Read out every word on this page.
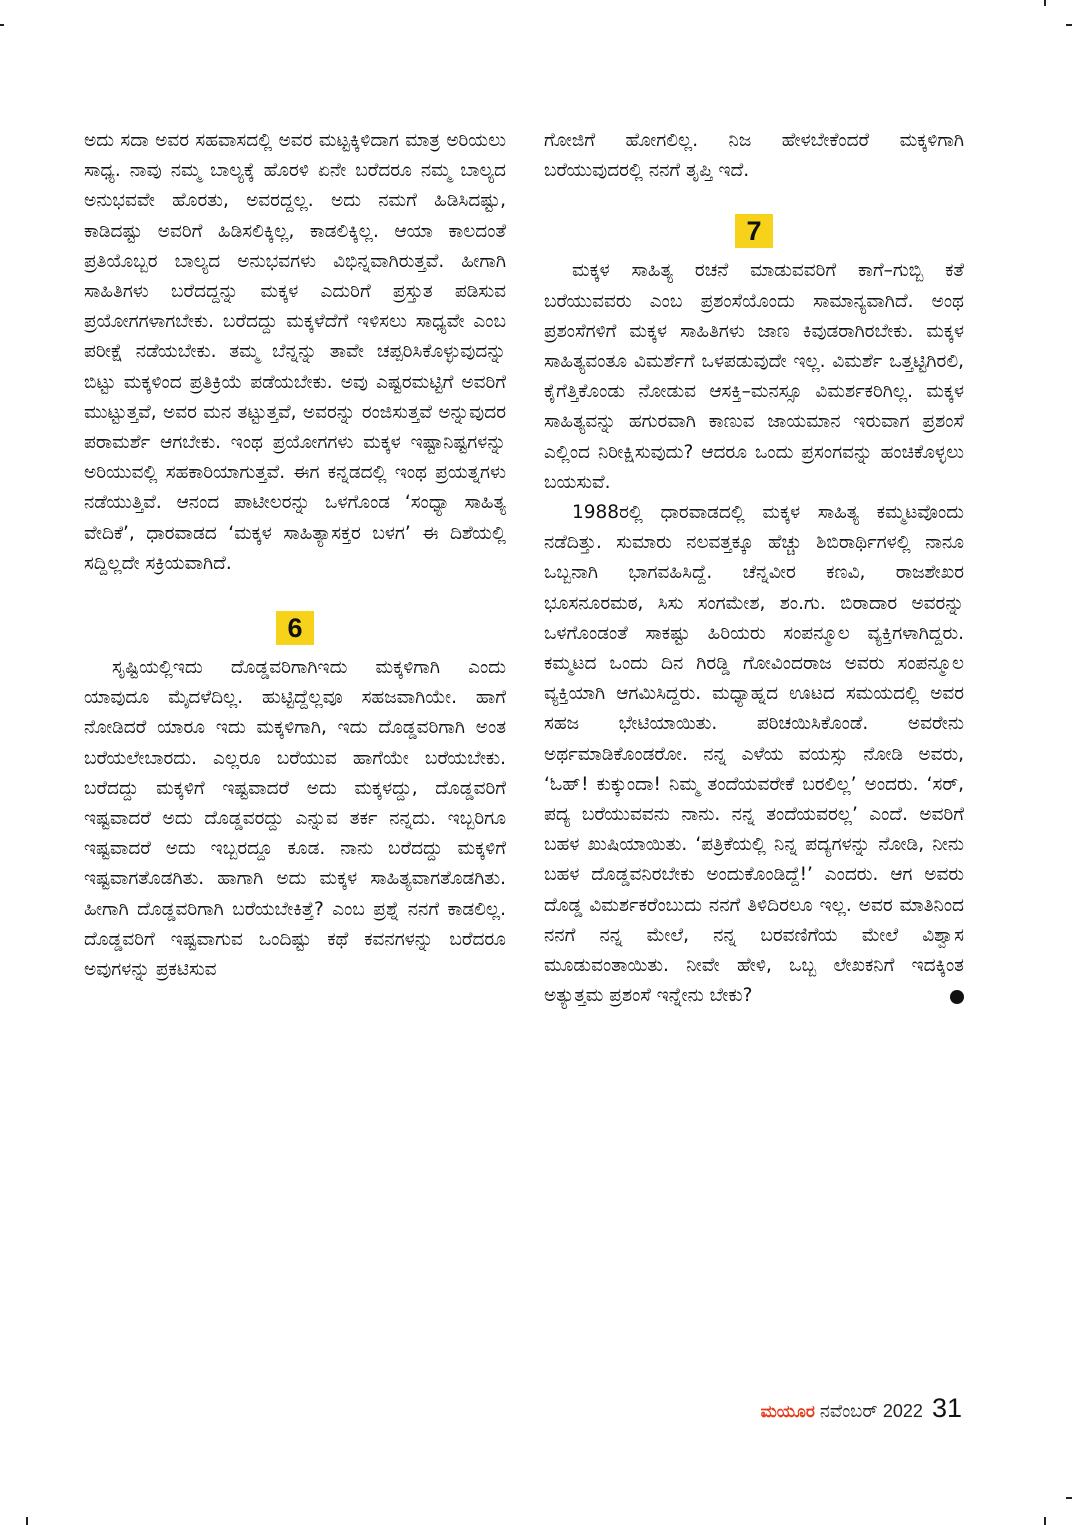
ಅದು ಸದಾ ಅವರ ಸಹವಾಸದಲ್ಲಿ ಅವರ ಮಟ್ಟಕ್ಕಿಳಿದಾಗ ಮಾತ್ರ ಅರಿಯಲು ಸಾಧ್ಯ. ನಾವು ನಮ್ಮ ಬಾಲ್ಯಕ್ಕೆ ಹೊರಳಿ ಏನೇ ಬರೆದರೂ ನಮ್ಮ ಬಾಲ್ಯದ ಅನುಭವವೇ ಹೊರತು, ಅವರದ್ದಲ್ಲ. ಅದು ನಮಗೆ ಹಿಡಿಸಿದಷ್ಟು, ಕಾಡಿದಷ್ಟು ಅವರಿಗೆ ಹಿಡಿಸಲಿಕ್ಕಿಲ್ಲ, ಕಾಡಲಿಕ್ಕಿಲ್ಲ. ಆಯಾ ಕಾಲದಂತೆ ಪ್ರತಿಯೊಬ್ಬರ ಬಾಲ್ಯದ ಅನುಭವಗಳು ವಿಭಿನ್ನವಾಗಿರುತ್ತವೆ. ಹೀಗಾಗಿ ಸಾಹಿತಿಗಳು ಬರೆದದ್ದನ್ನು ಮಕ್ಕಳ ಎದುರಿಗೆ ಪ್ರಸ್ತುತ ಪಡಿಸುವ ಪ್ರಯೋಗಗಳಾಗಬೇಕು. ಬರೆದದ್ದು ಮಕ್ಕಳೆದೆಗೆ ಇಳಿಸಲು ಸಾಧ್ಯವೇ ಎಂಬ ಪರೀಕ್ಷೆ ನಡೆಯಬೇಕು. ತಮ್ಮ ಬೆನ್ನನ್ನು ತಾವೇ ಚಪ್ಪರಿಸಿಕೊಳ್ಳುವುದನ್ನು ಬಿಟ್ಟು ಮಕ್ಕಳಿಂದ ಪ್ರತಿಕ್ರಿಯೆ ಪಡೆಯಬೇಕು. ಅವು ಎಷ್ಟರಮಟ್ಟಿಗೆ ಅವರಿಗೆ ಮುಟ್ಟುತ್ತವೆ, ಅವರ ಮನ ತಟ್ಟುತ್ತವೆ, ಅವರನ್ನು ರಂಜಿಸುತ್ತವೆ ಅನ್ನುವುದರ ಪರಾಮರ್ಶೆ ಆಗಬೇಕು. ಇಂಥ ಪ್ರಯೋಗಗಳು ಮಕ್ಕಳ ಇಷ್ಟಾನಿಷ್ಟಗಳನ್ನು ಅರಿಯುವಲ್ಲಿ ಸಹಕಾರಿಯಾಗುತ್ತವೆ. ಈಗ ಕನ್ನಡದಲ್ಲಿ ಇಂಥ ಪ್ರಯತ್ನಗಳು ನಡೆಯುತ್ತಿವೆ. ಆನಂದ ಪಾಟೀಲರನ್ನು ಒಳಗೊಂಡ ‘ಸಂಧ್ಯಾ ಸಾಹಿತ್ಯ ವೇದಿಕೆ’, ಧಾರವಾಡದ ‘ಮಕ್ಕಳ ಸಾಹಿತ್ಯಾಸಕ್ತರ ಬಳಗ’ ಈ ದಿಶೆಯಲ್ಲಿ ಸದ್ದಿಲ್ಲದೇ ಸಕ್ರಿಯವಾಗಿದೆ.

6

ಸೃಷ್ಟಿಯಲ್ಲಿಇದು ದೊಡ್ಡವರಿಗಾಗಿಇದು ಮಕ್ಕಳಿಗಾಗಿ ಎಂದು ಯಾವುದೂ ಮೈದಳೆದಿಲ್ಲ. ಹುಟ್ಟಿದ್ದೆಲ್ಲವೂ ಸಹಜವಾಗಿಯೇ. ಹಾಗೆ ನೋಡಿದರೆ ಯಾರೂ ಇದು ಮಕ್ಕಳಿಗಾಗಿ, ಇದು ದೊಡ್ಡವರಿಗಾಗಿ ಅಂತ ಬರೆಯಲೇಬಾರದು. ಎಲ್ಲರೂ ಬರೆಯುವ ಹಾಗೆಯೇ ಬರೆಯಬೇಕು. ಬರೆದದ್ದು ಮಕ್ಕಳಿಗೆ ಇಷ್ಟವಾದರೆ ಅದು ಮಕ್ಕಳದ್ದು, ದೊಡ್ಡವರಿಗೆ ಇಷ್ಟವಾದರೆ ಅದು ದೊಡ್ಡವರದ್ದು ಎನ್ನುವ ತರ್ಕ ನನ್ನದು. ಇಬ್ಬರಿಗೂ ಇಷ್ಟವಾದರೆ ಅದು ಇಬ್ಬರದ್ದೂ ಕೂಡ. ನಾನು ಬರೆದದ್ದು ಮಕ್ಕಳಿಗೆ ಇಷ್ಟವಾಗತೊಡಗಿತು. ಹಾಗಾಗಿ ಅದು ಮಕ್ಕಳ ಸಾಹಿತ್ಯವಾಗತೊಡಗಿತು. ಹೀಗಾಗಿ ದೊಡ್ಡವರಿಗಾಗಿ ಬರೆಯಬೇಕಿತ್ತೆ? ಎಂಬ ಪ್ರಶ್ನೆ ನನಗೆ ಕಾಡಲಿಲ್ಲ. ದೊಡ್ಡವರಿಗೆ ಇಷ್ಟವಾಗುವ ಒಂದಿಷ್ಟು ಕಥೆ ಕವನಗಳನ್ನು ಬರೆದರೂ ಅವುಗಳನ್ನು ಪ್ರಕಟಿಸುವ

ಗೋಜಿಗೆ ಹೋಗಲಿಲ್ಲ. ನಿಜ ಹೇಳಬೇಕೆಂದರೆ ಮಕ್ಕಳಿಗಾಗಿ ಬರೆಯುವುದರಲ್ಲಿ ನನಗೆ ತೃಪ್ತಿ ಇದೆ.

7

ಮಕ್ಕಳ ಸಾಹಿತ್ಯ ರಚನೆ ಮಾಡುವವರಿಗೆ ಕಾಗೆ–ಗುಬ್ಬಿ ಕತೆ ಬರೆಯುವವರು ಎಂಬ ಪ್ರಶಂಸೆಯೊಂದು ಸಾಮಾನ್ಯವಾಗಿದೆ. ಅಂಥ ಪ್ರಶಂಸೆಗಳಿಗೆ ಮಕ್ಕಳ ಸಾಹಿತಿಗಳು ಜಾಣ ಕಿವುಡರಾಗಿರಬೇಕು. ಮಕ್ಕಳ ಸಾಹಿತ್ಯವಂತೂ ವಿಮರ್ಶೆಗೆ ಒಳಪಡುವುದೇ ಇಲ್ಲ. ವಿಮರ್ಶೆ ಒತ್ತಟ್ಟಿಗಿರಲಿ, ಕೈಗೆತ್ತಿಕೊಂಡು ನೋಡುವ ಆಸಕ್ತಿ–ಮನಸ್ಸೂ ವಿಮರ್ಶಕರಿಗಿಲ್ಲ. ಮಕ್ಕಳ ಸಾಹಿತ್ಯವನ್ನು ಹಗುರವಾಗಿ ಕಾಣುವ ಜಾಯಮಾನ ಇರುವಾಗ ಪ್ರಶಂಸೆ ಎಲ್ಲಿಂದ ನಿರೀಕ್ಷಿಸುವುದು? ಆದರೂ ಒಂದು ಪ್ರಸಂಗವನ್ನು ಹಂಚಿಕೊಳ್ಳಲು ಬಯಸುವೆ.

1988ರಲ್ಲಿ ಧಾರವಾಡದಲ್ಲಿ ಮಕ್ಕಳ ಸಾಹಿತ್ಯ ಕಮ್ಮಟವೊಂದು ನಡೆದಿತ್ತು. ಸುಮಾರು ನಲವತ್ತಕ್ಕೂ ಹೆಚ್ಚು ಶಿಬಿರಾರ್ಥಿಗಳಲ್ಲಿ ನಾನೂ ಒಬ್ಬನಾಗಿ ಭಾಗವಹಿಸಿದ್ದೆ. ಚೆನ್ನವೀರ ಕಣವಿ, ರಾಜಶೇಖರ ಭೂಸನೂರಮಠ, ಸಿಸು ಸಂಗಮೇಶ, ಶಂ.ಗು. ಬಿರಾದಾರ ಅವರನ್ನು ಒಳಗೊಂಡಂತೆ ಸಾಕಷ್ಟು ಹಿರಿಯರು ಸಂಪನ್ಮೂಲ ವ್ಯಕ್ತಿಗಳಾಗಿದ್ದರು. ಕಮ್ಮಟದ ಒಂದು ದಿನ ಗಿರಡ್ಡಿ ಗೋವಿಂದರಾಜ ಅವರು ಸಂಪನ್ಮೂಲ ವ್ಯಕ್ತಿಯಾಗಿ ಆಗಮಿಸಿದ್ದರು. ಮಧ್ಯಾಹ್ನದ ಊಟದ ಸಮಯದಲ್ಲಿ ಅವರ ಸಹಜ ಭೇಟಿಯಾಯಿತು. ಪರಿಚಯಿಸಿಕೊಂಡೆ. ಅವರೇನು ಅರ್ಥಮಾಡಿಕೊಂಡರೋ. ನನ್ನ ಎಳೆಯ ವಯಸ್ಸು ನೋಡಿ ಅವರು, ‘ಓಹ್! ಕುಕ್ಕುಂದಾ! ನಿಮ್ಮ ತಂದೆಯವರೇಕೆ ಬರಲಿಲ್ಲ’ ಅಂದರು. ‘ಸರ್, ಪದ್ಯ ಬರೆಯುವವನು ನಾನು. ನನ್ನ ತಂದೆಯವರಲ್ಲ’ ಎಂದೆ. ಅವರಿಗೆ ಬಹಳ ಖುಷಿಯಾಯಿತು. ‘ಪತ್ರಿಕೆಯಲ್ಲಿ ನಿನ್ನ ಪದ್ಯಗಳನ್ನು ನೋಡಿ, ನೀನು ಬಹಳ ದೊಡ್ಡವನಿರಬೇಕು ಅಂದುಕೊಂಡಿದ್ದೆ!’ ಎಂದರು. ಆಗ ಅವರು ದೊಡ್ಡ ವಿಮರ್ಶಕರೆಂಬುದು ನನಗೆ ತಿಳಿದಿರಲೂ ಇಲ್ಲ. ಅವರ ಮಾತಿನಿಂದ ನನಗೆ ನನ್ನ ಮೇಲೆ, ನನ್ನ ಬರವಣಿಗೆಯ ಮೇಲೆ ವಿಶ್ವಾಸ ಮೂಡುವಂತಾಯಿತು. ನೀವೇ ಹೇಳಿ, ಒಬ್ಬ ಲೇಖಕನಿಗೆ ಇದಕ್ಕಿಂತ ಅತ್ಯುತ್ತಮ ಪ್ರಶಂಸೆ ಇನ್ನೇನು ಬೇಕು?

ಮಯೂರ ನವೆಂಬರ್ 2022 31
